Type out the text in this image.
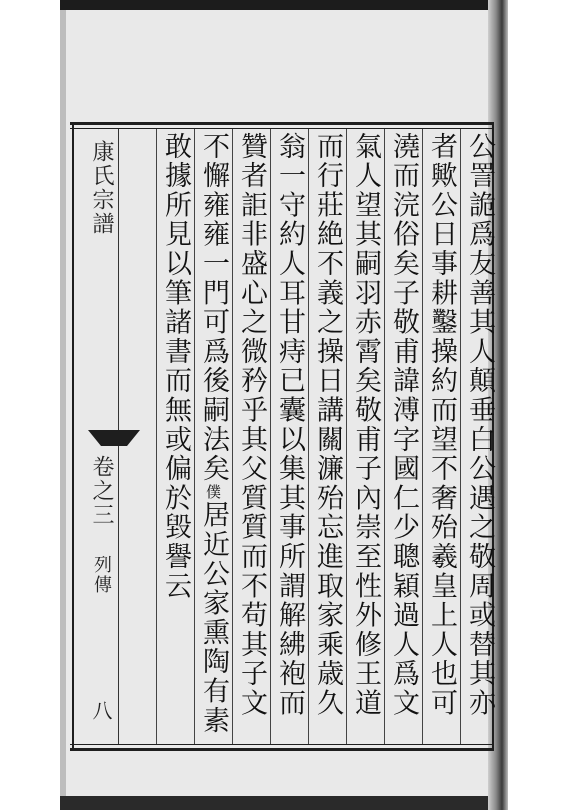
康氏宗譜
卷之三
列傳
八
公詈詭爲友善其人顛垂白公遇之敬周或替其亦
者歟公日事耕鑿操約而望不奢殆羲皇上人也可
澆而浣俗矣子敬甫諱溥字國仁少聰穎過人爲文
氣人望其嗣羽赤霄矣敬甫子內崇至性外修王道
而行莊絶不義之操日講關濂殆忘進取家乘歳久
翁一守約人耳甘痔已囊以集其事所謂解紼袍而
贊者詎非盛心之微矜乎其父質質而不苟其子文
不懈雍雍一門可爲後嗣法矣僕居近公家熏陶有素
敢據所見以筆諸書而無或偏於毀譽云
